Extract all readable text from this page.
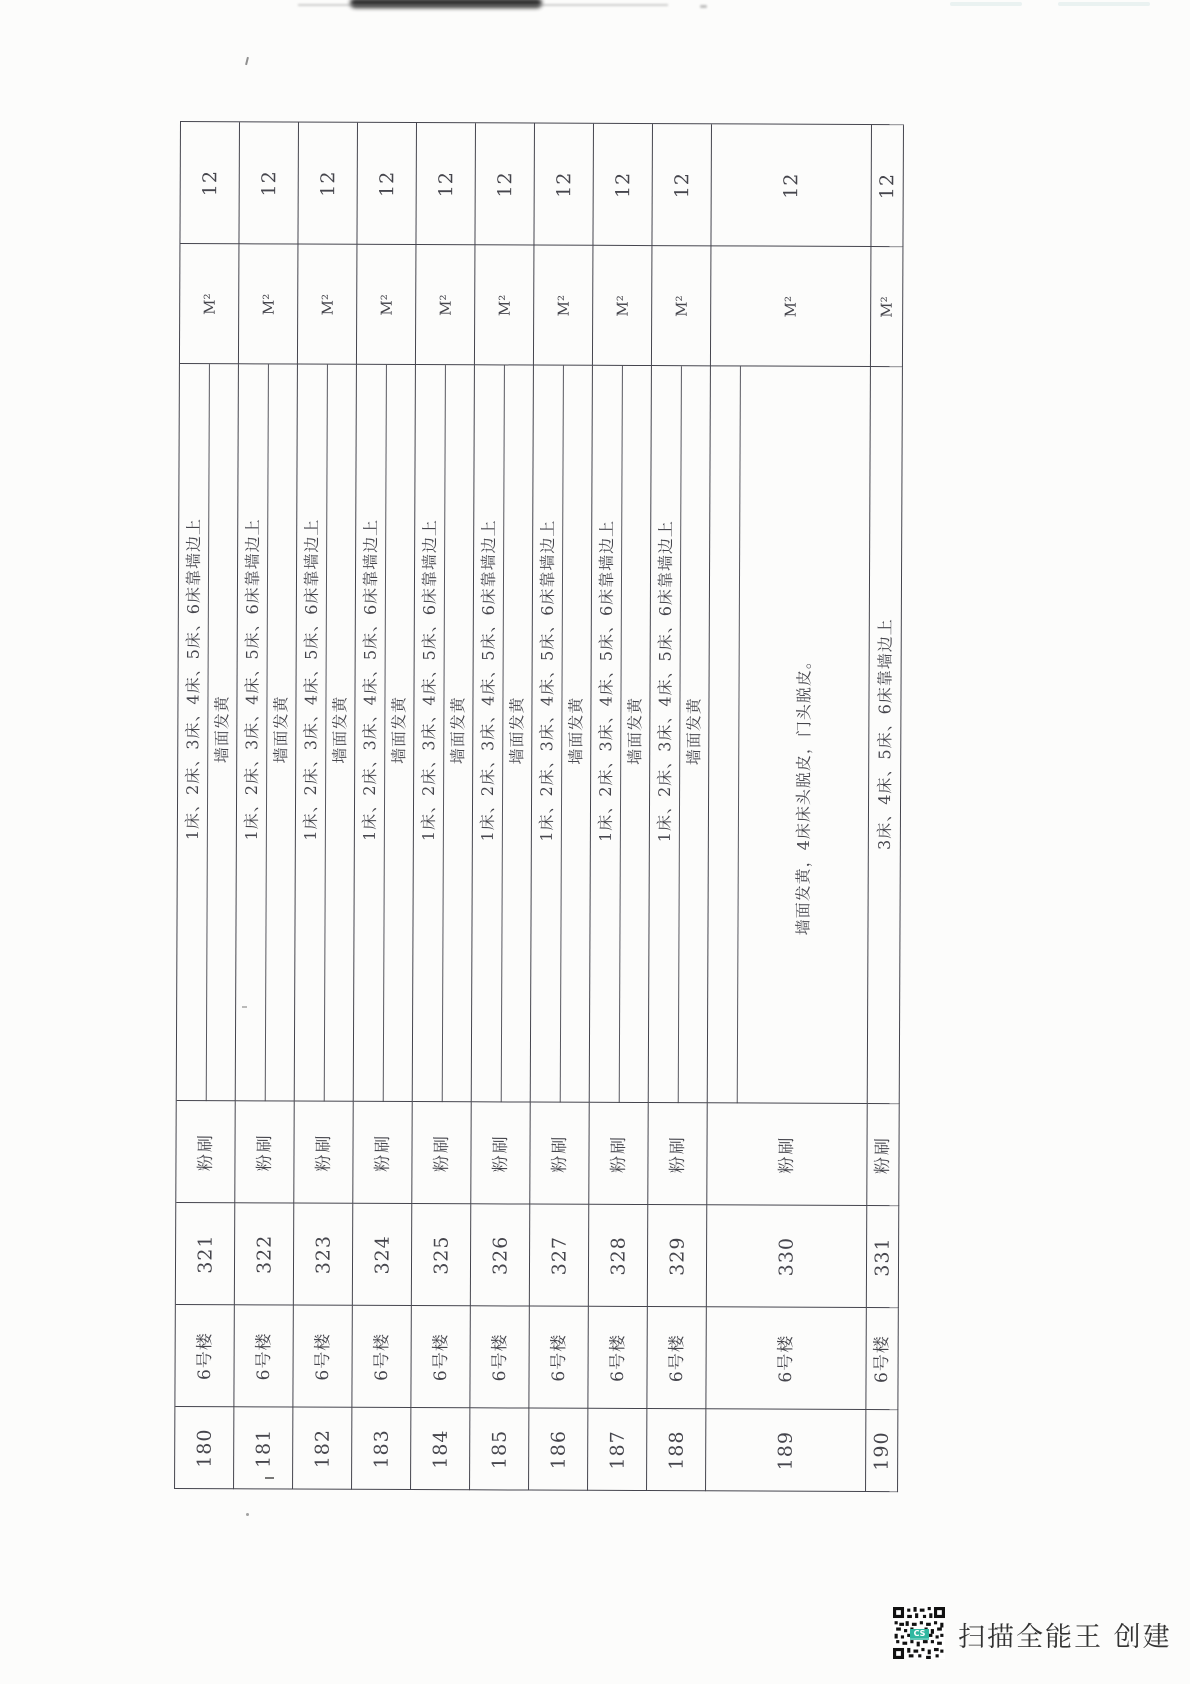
12
M²
1床、2床、3床、4床、5床、6床靠墙边上 墙面发黄
粉刷
321
6号楼
180
12
M²
1床、2床、3床、4床、5床、6床靠墙边上 墙面发黄
粉刷
322
6号楼
181
12
M²
1床、2床、3床、4床、5床、6床靠墙边上 墙面发黄
粉刷
323
6号楼
182
12
M²
1床、2床、3床、4床、5床、6床靠墙边上 墙面发黄
粉刷
324
6号楼
183
12
M²
1床、2床、3床、4床、5床、6床靠墙边上 墙面发黄
粉刷
325
6号楼
184
12
M²
1床、2床、3床、4床、5床、6床靠墙边上 墙面发黄
粉刷
326
6号楼
185
12
M²
1床、2床、3床、4床、5床、6床靠墙边上 墙面发黄
粉刷
327
6号楼
186
12
M²
1床、2床、3床、4床、5床、6床靠墙边上 墙面发黄
粉刷
328
6号楼
187
12
M²
1床、2床、3床、4床、5床、6床靠墙边上 墙面发黄
粉刷
329
6号楼
188
12
M²
墙面发黄，4床床头脱皮，门头脱皮。
粉刷
330
6号楼
189
12
M²
3床、4床、5床、6床靠墙边上
粉刷
331
6号楼
190
CS 扫描全能王 创建
